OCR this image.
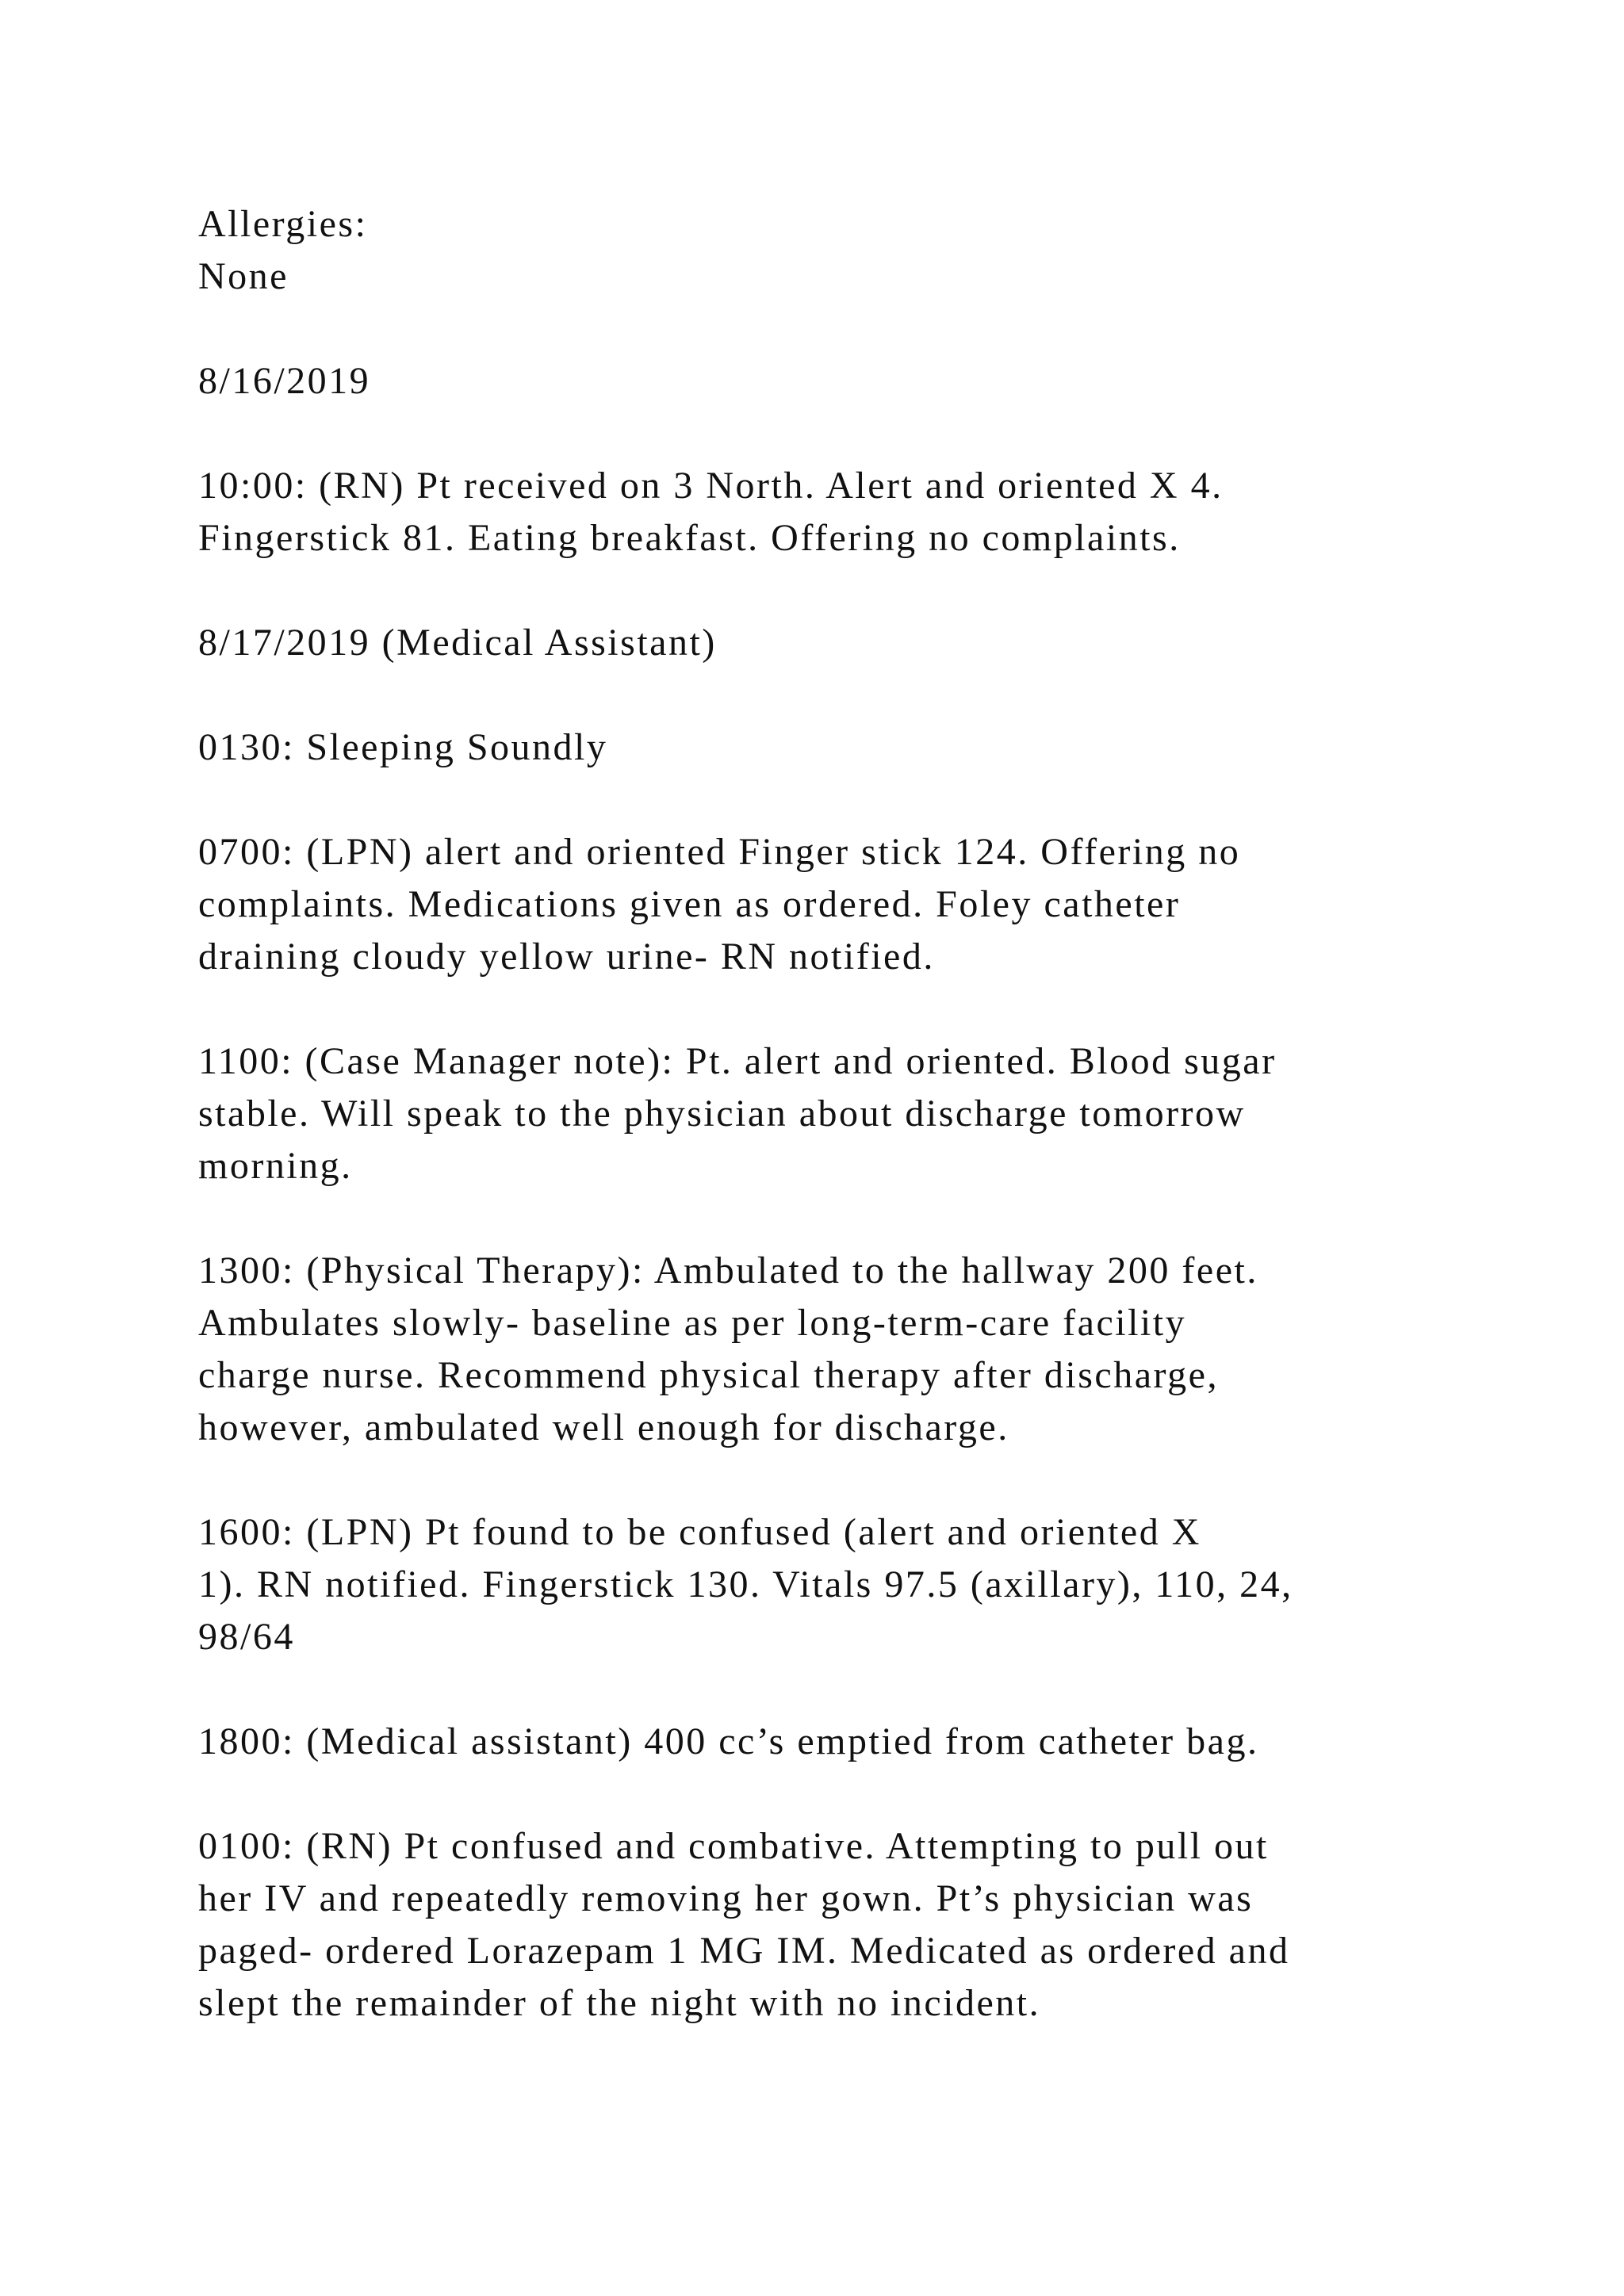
Allergies:
None
8/16/2019
10:00: (RN) Pt received on 3 North. Alert and oriented X 4.
Fingerstick 81. Eating breakfast. Offering no complaints.
8/17/2019 (Medical Assistant)
0130: Sleeping Soundly
0700: (LPN) alert and oriented Finger stick 124. Offering no
complaints. Medications given as ordered. Foley catheter
draining cloudy yellow urine- RN notified.
1100: (Case Manager note): Pt. alert and oriented. Blood sugar
stable. Will speak to the physician about discharge tomorrow
morning.
1300: (Physical Therapy): Ambulated to the hallway 200 feet.
Ambulates slowly- baseline as per long-term-care facility
charge nurse. Recommend physical therapy after discharge,
however, ambulated well enough for discharge.
1600: (LPN) Pt found to be confused (alert and oriented X
1). RN notified. Fingerstick 130. Vitals 97.5 (axillary), 110, 24,
98/64
1800: (Medical assistant) 400 cc’s emptied from catheter bag.
0100: (RN) Pt confused and combative. Attempting to pull out
her IV and repeatedly removing her gown. Pt’s physician was
paged- ordered Lorazepam 1 MG IM. Medicated as ordered and
slept the remainder of the night with no incident.
